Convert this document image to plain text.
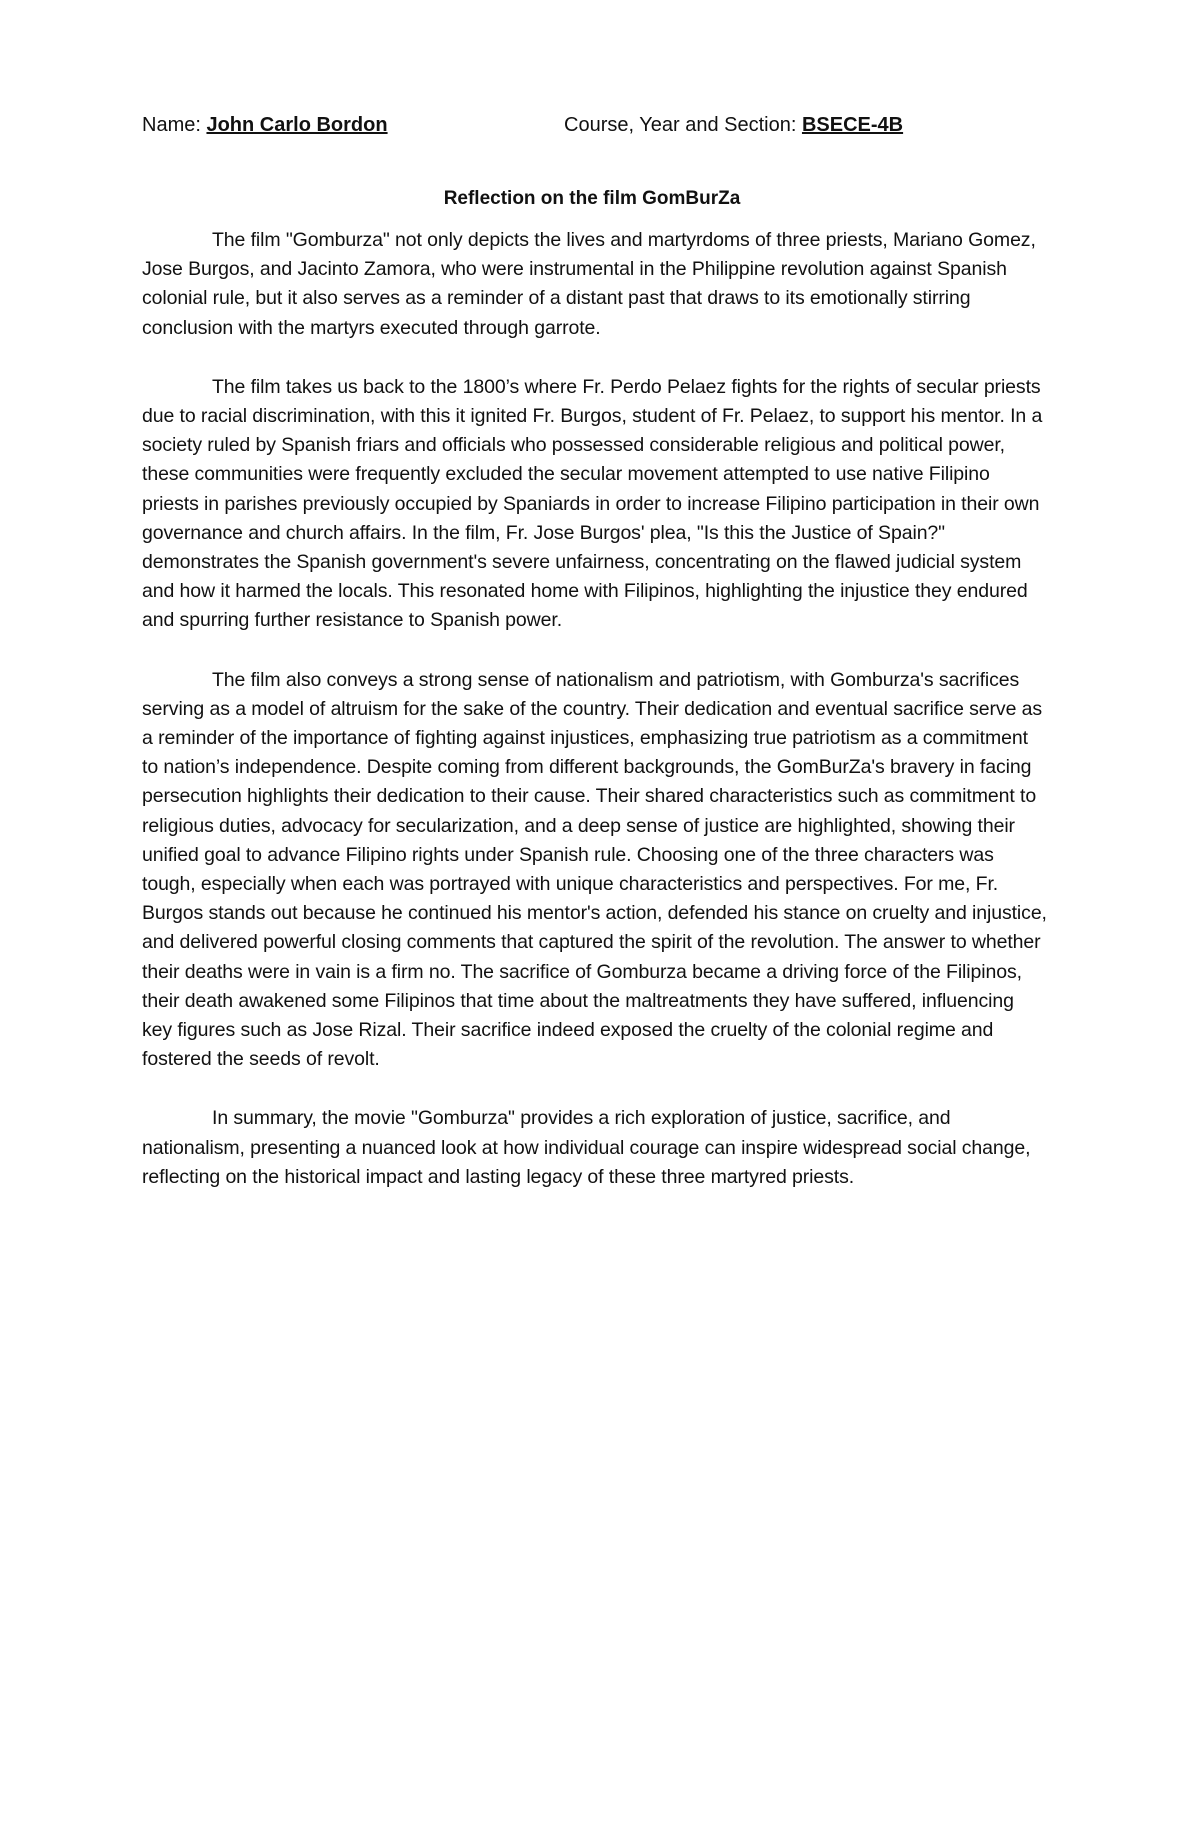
Name: John Carlo Bordon	Course, Year and Section: BSECE-4B
Reflection on the film GomBurZa

The film "Gomburza" not only depicts the lives and martyrdoms of three priests, Mariano Gomez, Jose Burgos, and Jacinto Zamora, who were instrumental in the Philippine revolution against Spanish colonial rule, but it also serves as a reminder of a distant past that draws to its emotionally stirring conclusion with the martyrs executed through garrote.

The film takes us back to the 1800’s where Fr. Perdo Pelaez fights for the rights of secular priests due to racial discrimination, with this it ignited Fr. Burgos, student of Fr. Pelaez, to support his mentor. In a society ruled by Spanish friars and officials who possessed considerable religious and political power, these communities were frequently excluded the secular movement attempted to use native Filipino priests in parishes previously occupied by Spaniards in order to increase Filipino participation in their own governance and church affairs. In the film, Fr. Jose Burgos' plea, "Is this the Justice of Spain?" demonstrates the Spanish government's severe unfairness, concentrating on the flawed judicial system and how it harmed the locals. This resonated home with Filipinos, highlighting the injustice they endured and spurring further resistance to Spanish power.

The film also conveys a strong sense of nationalism and patriotism, with Gomburza's sacrifices serving as a model of altruism for the sake of the country. Their dedication and eventual sacrifice serve as a reminder of the importance of fighting against injustices, emphasizing true patriotism as a commitment to nation’s independence. Despite coming from different backgrounds, the GomBurZa's bravery in facing persecution highlights their dedication to their cause. Their shared characteristics such as commitment to religious duties, advocacy for secularization, and a deep sense of justice are highlighted, showing their unified goal to advance Filipino rights under Spanish rule. Choosing one of the three characters was tough, especially when each was portrayed with unique characteristics and perspectives. For me, Fr. Burgos stands out because he continued his mentor's action, defended his stance on cruelty and injustice, and delivered powerful closing comments that captured the spirit of the revolution. The answer to whether their deaths were in vain is a firm no. The sacrifice of Gomburza became a driving force of the Filipinos, their death awakened some Filipinos that time about the maltreatments they have suffered, influencing key figures such as Jose Rizal. Their sacrifice indeed exposed the cruelty of the colonial regime and fostered the seeds of revolt.

In summary, the movie "Gomburza" provides a rich exploration of justice, sacrifice, and nationalism, presenting a nuanced look at how individual courage can inspire widespread social change, reflecting on the historical impact and lasting legacy of these three martyred priests.
